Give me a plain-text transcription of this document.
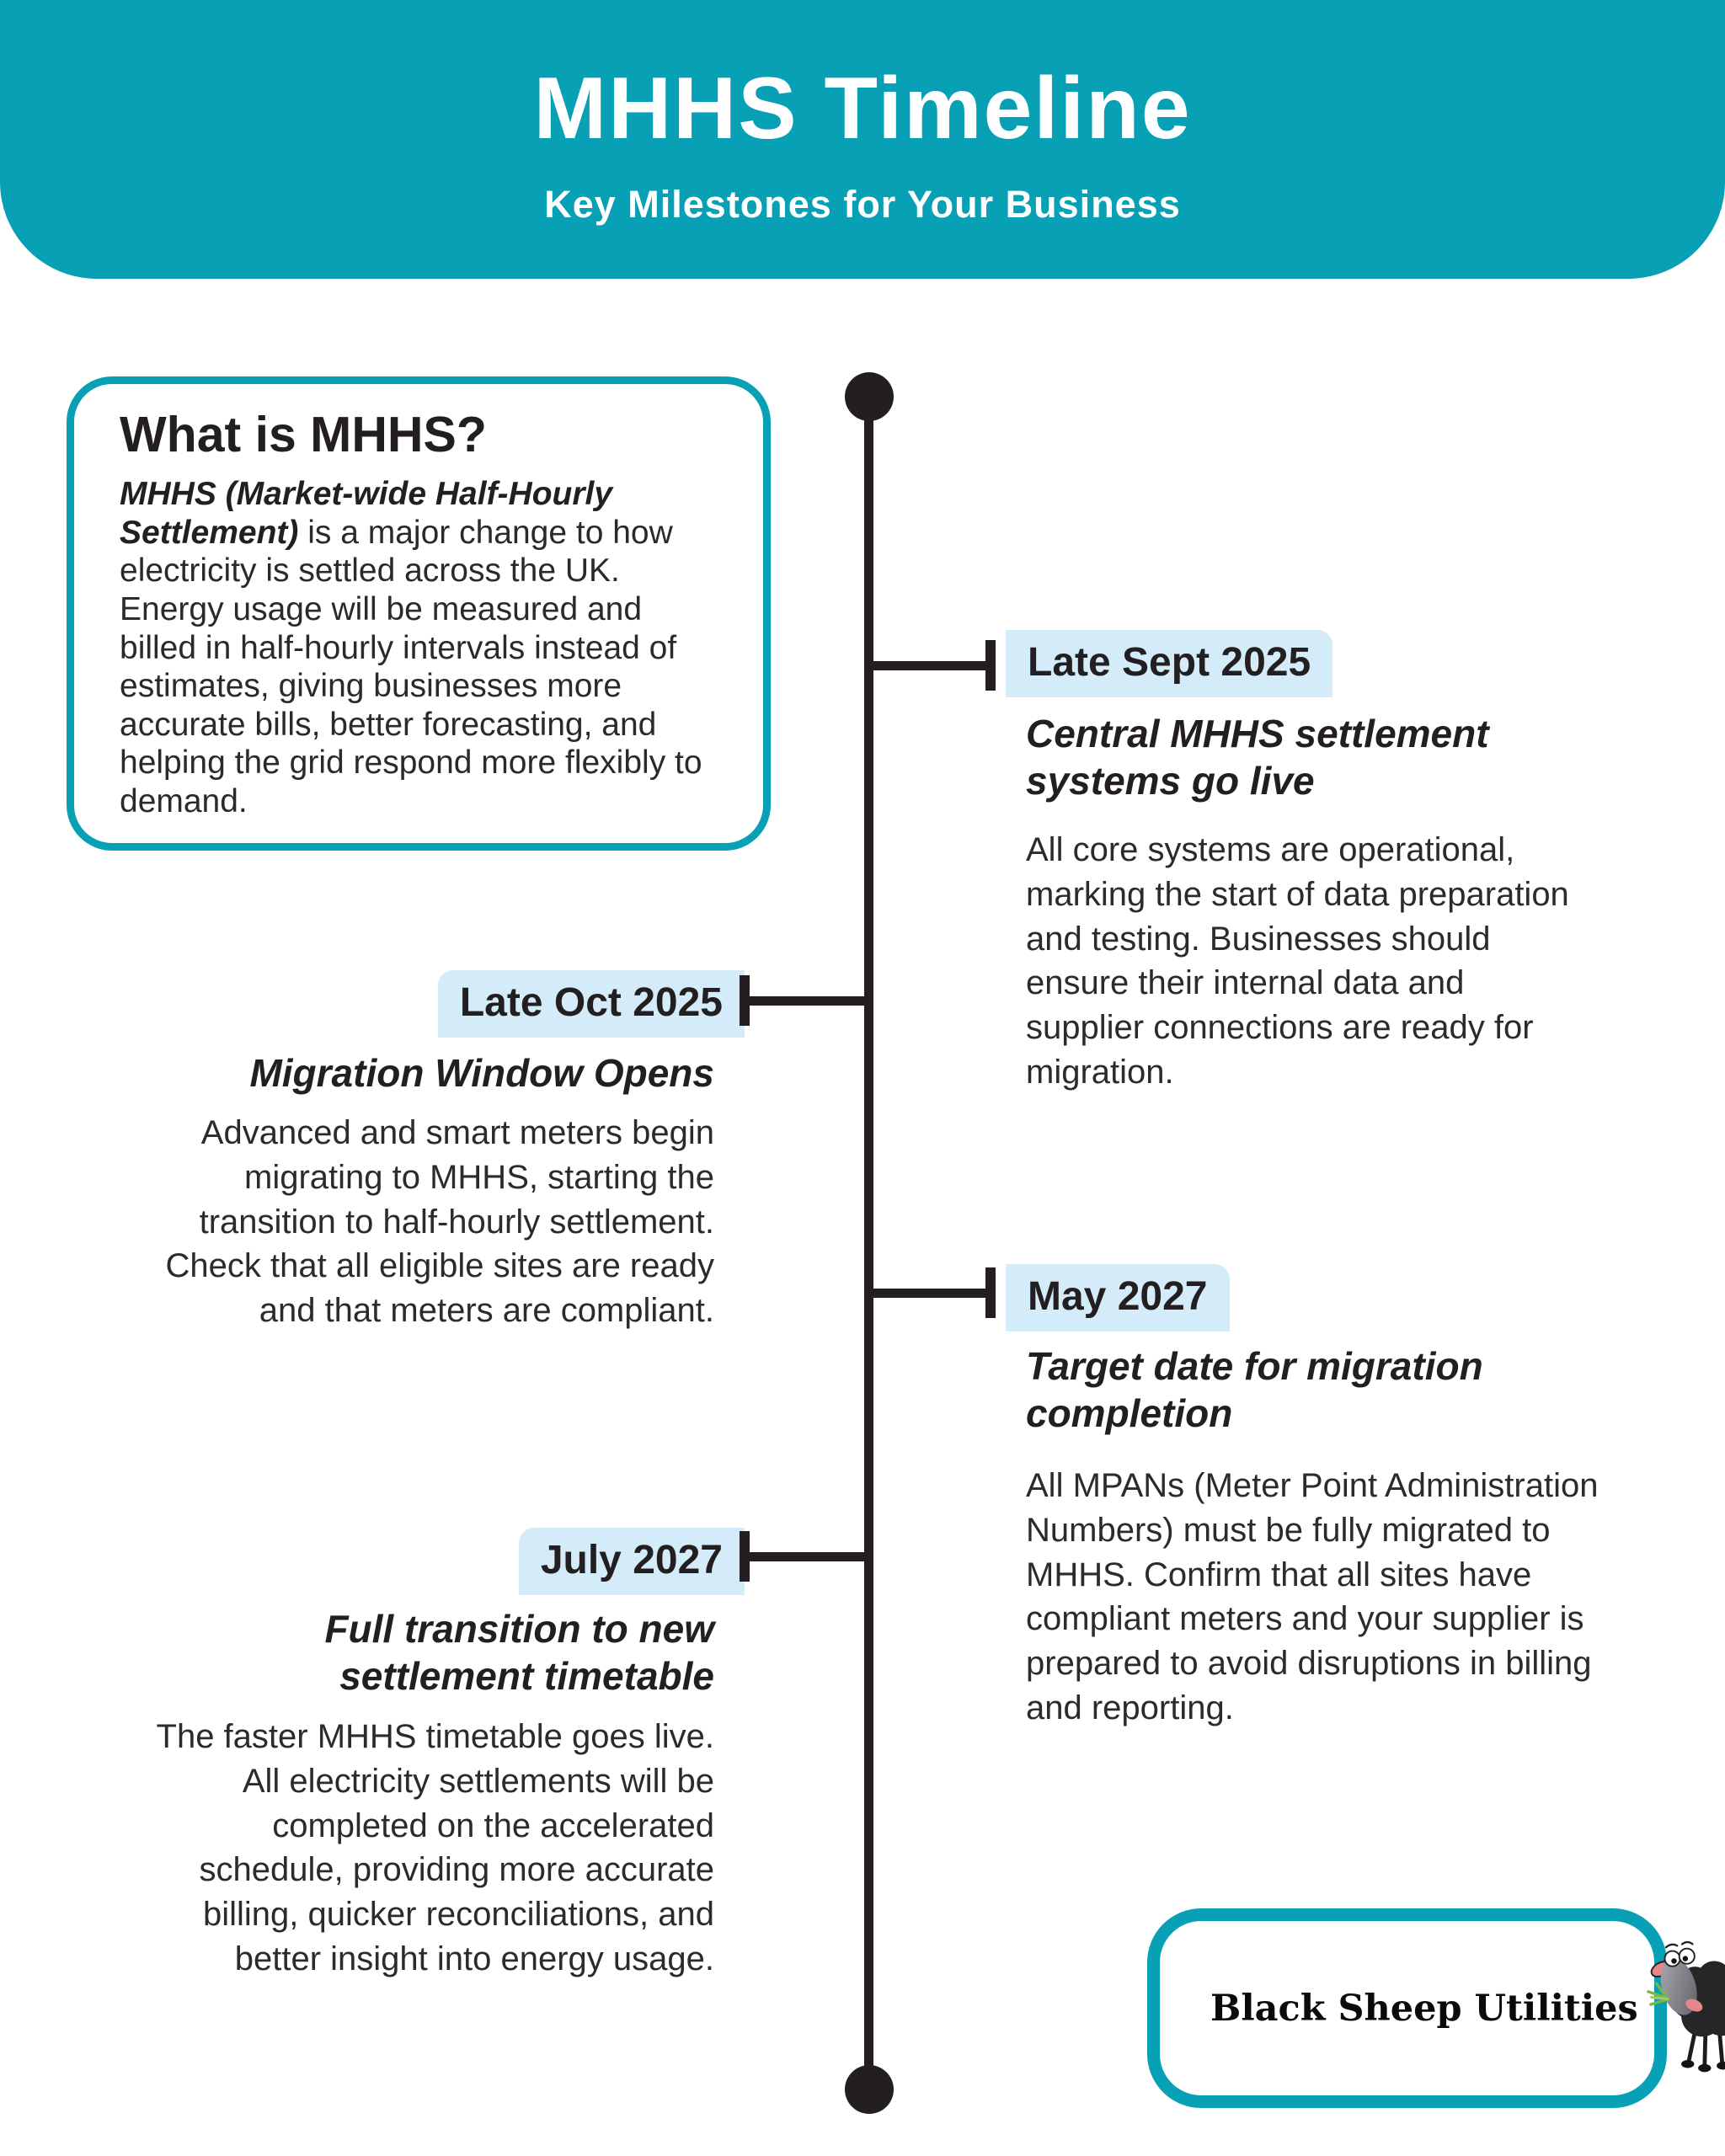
MHHS Timeline
Key Milestones for Your Business
What is MHHS?

MHHS (Market-wide Half-Hourly Settlement) is a major change to how electricity is settled across the UK. Energy usage will be measured and billed in half-hourly intervals instead of estimates, giving businesses more accurate bills, better forecasting, and helping the grid respond more flexibly to demand.

Late Sept 2025
Central MHHS settlement systems go live
All core systems are operational, marking the start of data preparation and testing. Businesses should ensure their internal data and supplier connections are ready for migration.
Late Oct 2025
Migration Window Opens
Advanced and smart meters begin migrating to MHHS, starting the transition to half-hourly settlement. Check that all eligible sites are ready and that meters are compliant.	May 2027
Target date for migration completion
All MPANs (Meter Point Administration Numbers) must be fully migrated to MHHS. Confirm that all sites have compliant meters and your supplier is prepared to avoid disruptions in billing and reporting.
July 2027
Full transition to new settlement timetable
The faster MHHS timetable goes live. All electricity settlements will be completed on the accelerated schedule, providing more accurate billing, quicker reconciliations, and better insight into energy usage.
Black Sheep Utilities
